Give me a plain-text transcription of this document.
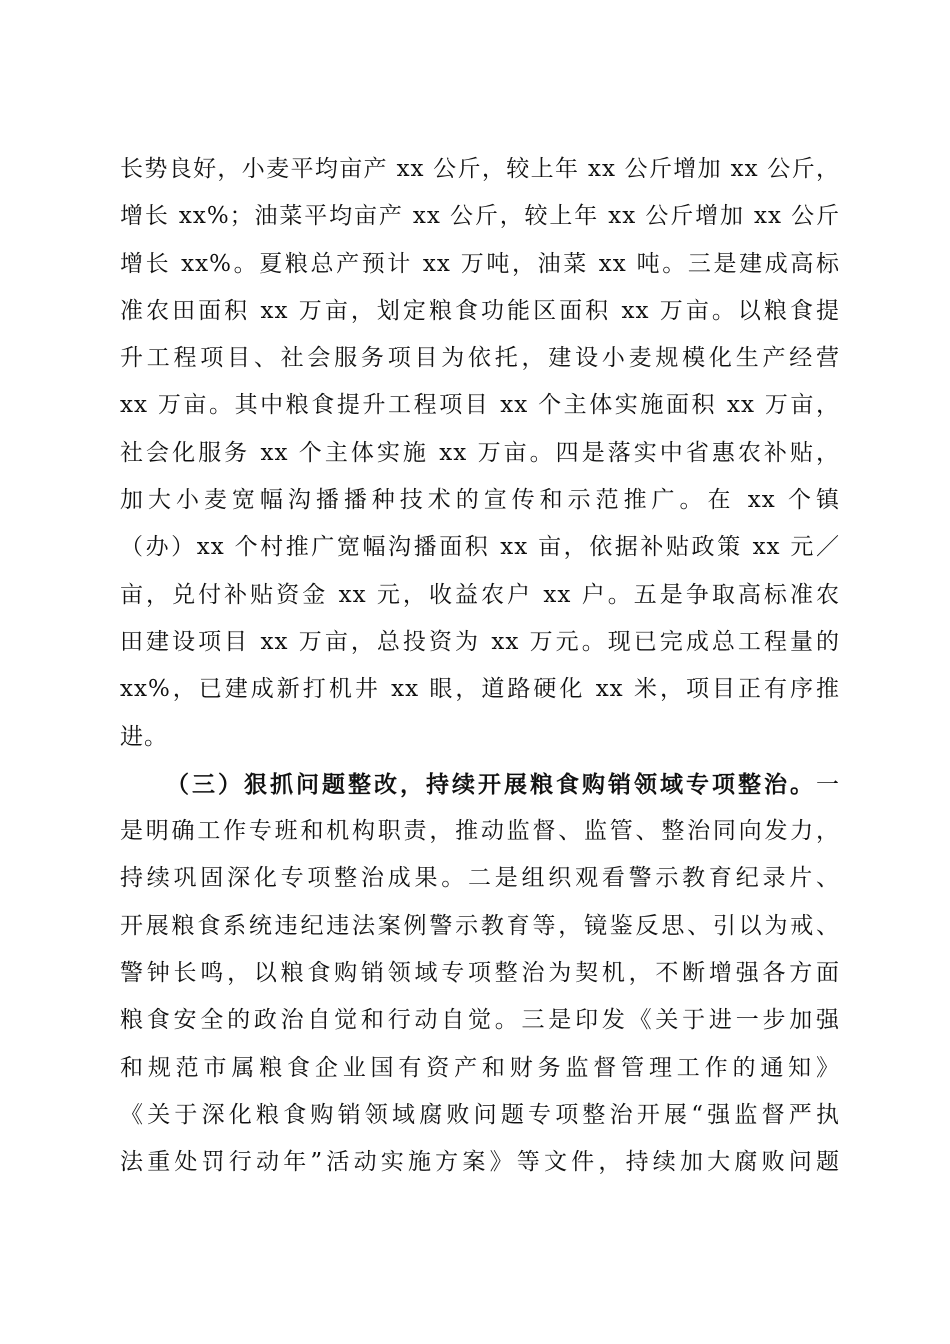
长势良好，小麦平均亩产 xx 公斤，较上年 xx 公斤增加 xx 公斤，
增长 xx%；油菜平均亩产 xx 公斤，较上年 xx 公斤增加 xx 公斤
增长 xx%。夏粮总产预计 xx 万吨，油菜 xx 吨。三是建成高标
准农田面积 xx 万亩，划定粮食功能区面积 xx 万亩。以粮食提
升工程项目、社会服务项目为依托，建设小麦规模化生产经营
xx 万亩。其中粮食提升工程项目 xx 个主体实施面积 xx 万亩，
社会化服务 xx 个主体实施 xx 万亩。四是落实中省惠农补贴，
加大小麦宽幅沟播播种技术的宣传和示范推广。在 xx 个镇
（办）xx 个村推广宽幅沟播面积 xx 亩，依据补贴政策 xx 元／
亩，兑付补贴资金 xx 元，收益农户 xx 户。五是争取高标准农
田建设项目 xx 万亩，总投资为 xx 万元。现已完成总工程量的
xx%，已建成新打机井 xx 眼，道路硬化 xx 米，项目正有序推
进。
（三）狠抓问题整改，持续开展粮食购销领域专项整治。一
是明确工作专班和机构职责，推动监督、监管、整治同向发力，
持续巩固深化专项整治成果。二是组织观看警示教育纪录片、
开展粮食系统违纪违法案例警示教育等，镜鉴反思、引以为戒、
警钟长鸣，以粮食购销领域专项整治为契机，不断增强各方面
粮食安全的政治自觉和行动自觉。三是印发《关于进一步加强
和规范市属粮食企业国有资产和财务监督管理工作的通知》
《关于深化粮食购销领域腐败问题专项整治开展“强监督严执
法重处罚行动年”活动实施方案》等文件，持续加大腐败问题
